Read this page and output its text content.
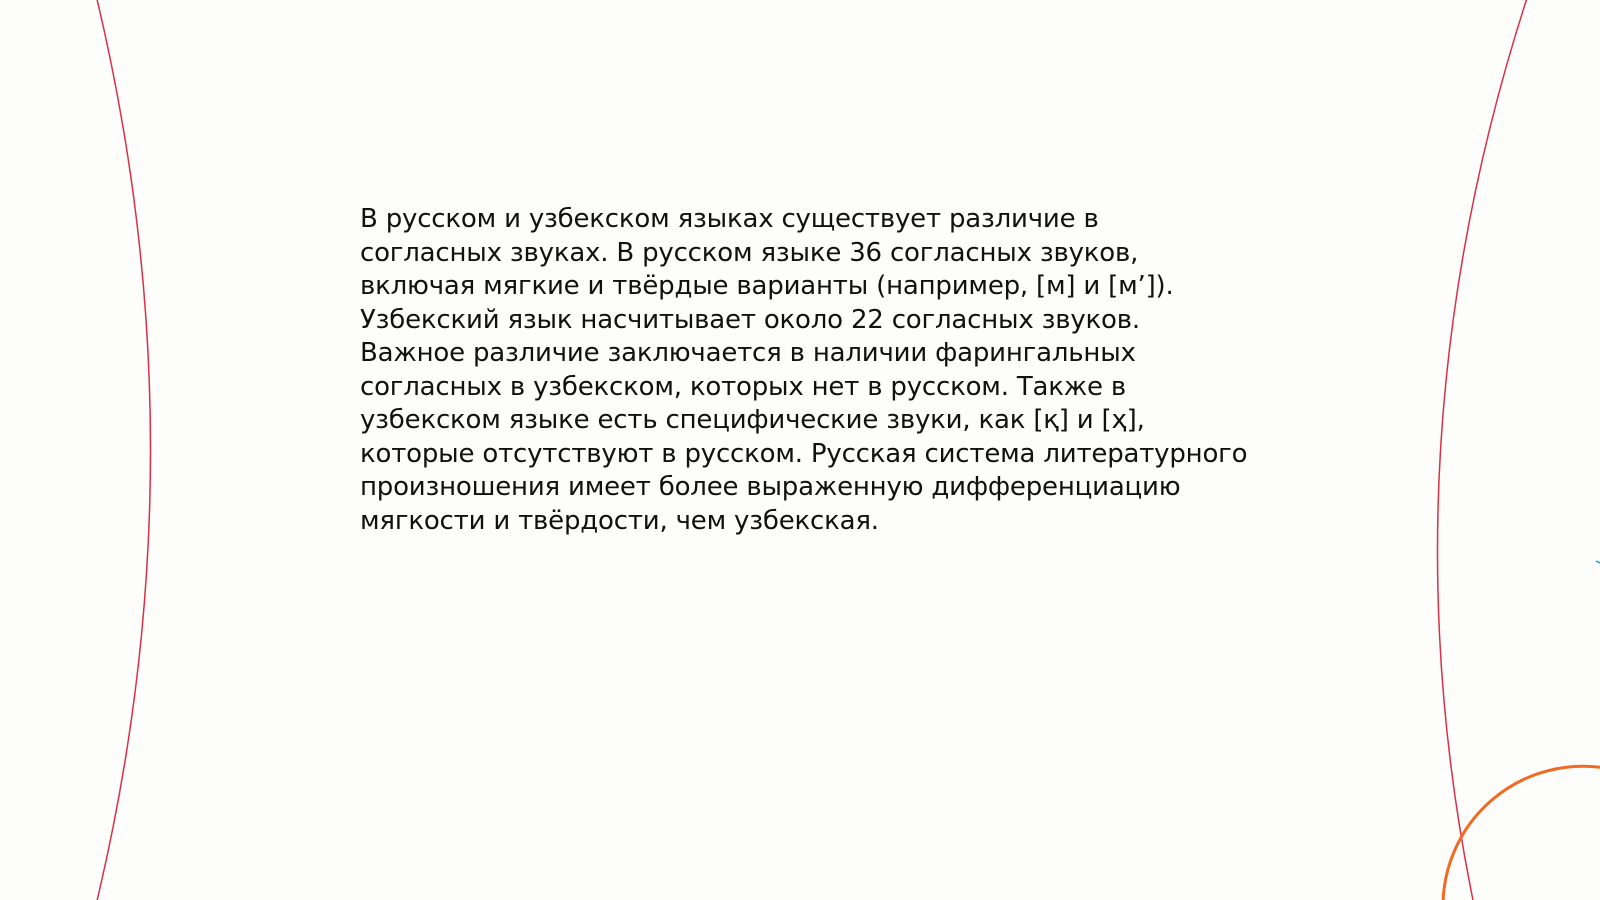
В русском и узбекском языках существует различие в
согласных звуках. В русском языке 36 согласных звуков,
включая мягкие и твёрдые варианты (например, [м] и [м’]).
Узбекский язык насчитывает около 22 согласных звуков.
Важное различие заключается в наличии фарингальных
согласных в узбекском, которых нет в русском. Также в
узбекском языке есть специфические звуки, как [қ] и [ҳ],
которые отсутствуют в русском. Русская система литературного
произношения имеет более выраженную дифференциацию
мягкости и твёрдости, чем узбекская.
